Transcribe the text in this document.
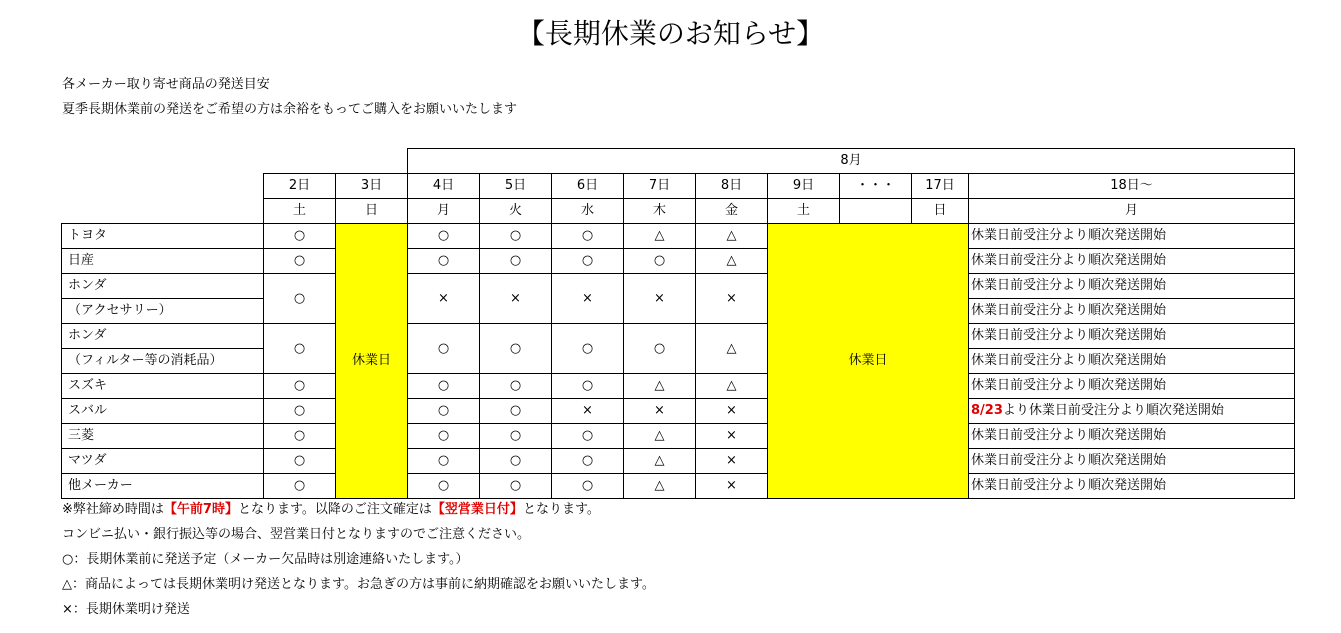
【長期休業のお知らせ】
各メーカー取り寄せ商品の発送目安
夏季長期休業前の発送をご希望の方は余裕をもってご購入をお願いいたします
			8月								
	2日	3日	4日	5日	6日	7日	8日	9日	・・・	17日	18日〜
	土	日	月	火	水	木	金	土		日	月
トヨタ	○	休業日	○	○	○	△	△	休業日			休業日前受注分より順次発送開始
日産	○		○	○	○	○	△				休業日前受注分より順次発送開始
ホンダ	○		×	×	×	×	×				休業日前受注分より順次発送開始
（アクセサリー）											休業日前受注分より順次発送開始
ホンダ	○		○	○	○	○	△				休業日前受注分より順次発送開始
（フィルター等の消耗品）											休業日前受注分より順次発送開始
スズキ	○		○	○	○	△	△				休業日前受注分より順次発送開始
スバル	○		○	○	×	×	×				8/23より休業日前受注分より順次発送開始
三菱	○		○	○	○	△	×				休業日前受注分より順次発送開始
マツダ	○		○	○	○	△	×				休業日前受注分より順次発送開始
他メーカー	○		○	○	○	△	×				休業日前受注分より順次発送開始
※弊社締め時間は【午前7時】となります。以降のご注文確定は【翌営業日付】となります。
コンビニ払い・銀行振込等の場合、翌営業日付となりますのでご注意ください。
○：長期休業前に発送予定（メーカー欠品時は別途連絡いたします。）
△：商品によっては長期休業明け発送となります。お急ぎの方は事前に納期確認をお願いいたします。
×：長期休業明け発送
